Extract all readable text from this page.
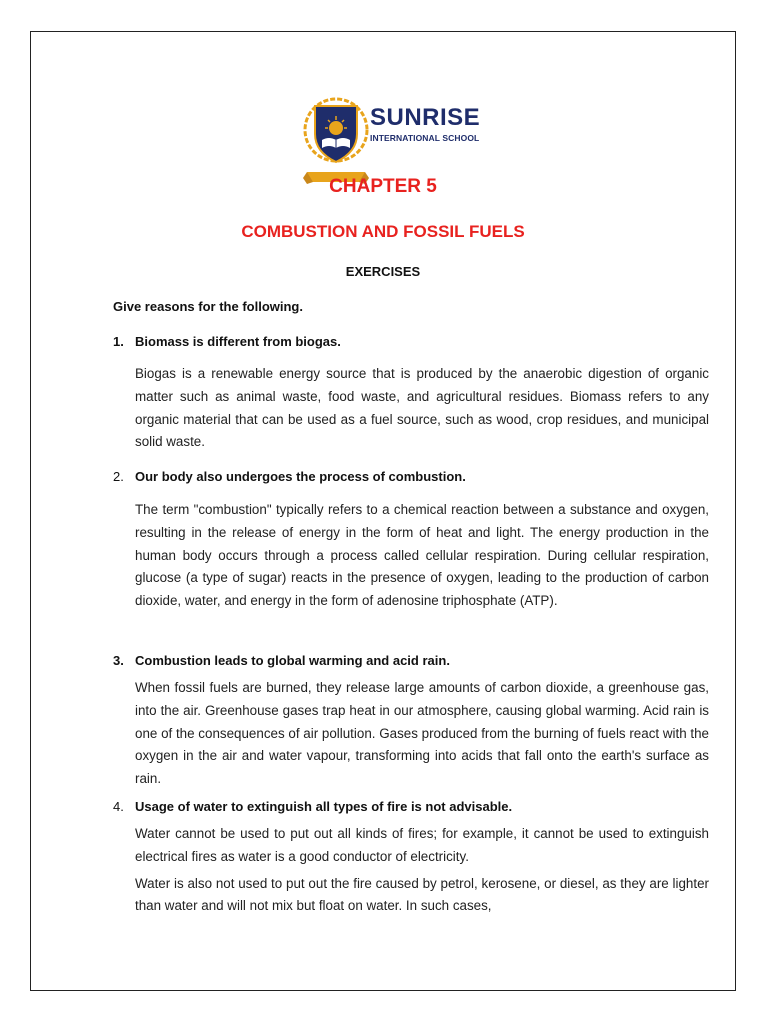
SUNRISE
INTERNATIONAL SCHOOL
CHAPTER 5
COMBUSTION AND FOSSIL FUELS
EXERCISES
Give reasons for the following.
1. Biomass is different from biogas.

Biogas is a renewable energy source that is produced by the anaerobic digestion of organic matter such as animal waste, food waste, and agricultural residues. Biomass refers to any organic material that can be used as a fuel source, such as wood, crop residues, and municipal solid waste.

2. Our body also undergoes the process of combustion.

The term "combustion" typically refers to a chemical reaction between a substance and oxygen, resulting in the release of energy in the form of heat and light. The energy production in the human body occurs through a process called cellular respiration. During cellular respiration, glucose (a type of sugar) reacts in the presence of oxygen, leading to the production of carbon dioxide, water, and energy in the form of adenosine triphosphate (ATP).

3. Combustion leads to global warming and acid rain.

When fossil fuels are burned, they release large amounts of carbon dioxide, a greenhouse gas, into the air. Greenhouse gases trap heat in our atmosphere, causing global warming. Acid rain is one of the consequences of air pollution. Gases produced from the burning of fuels react with the oxygen in the air and water vapour, transforming into acids that fall onto the earth's surface as rain.

4. Usage of water to extinguish all types of fire is not advisable.

Water cannot be used to put out all kinds of fires; for example, it cannot be used to extinguish electrical fires as water is a good conductor of electricity.

Water is also not used to put out the fire caused by petrol, kerosene, or diesel, as they are lighter than water and will not mix but float on water. In such cases,
